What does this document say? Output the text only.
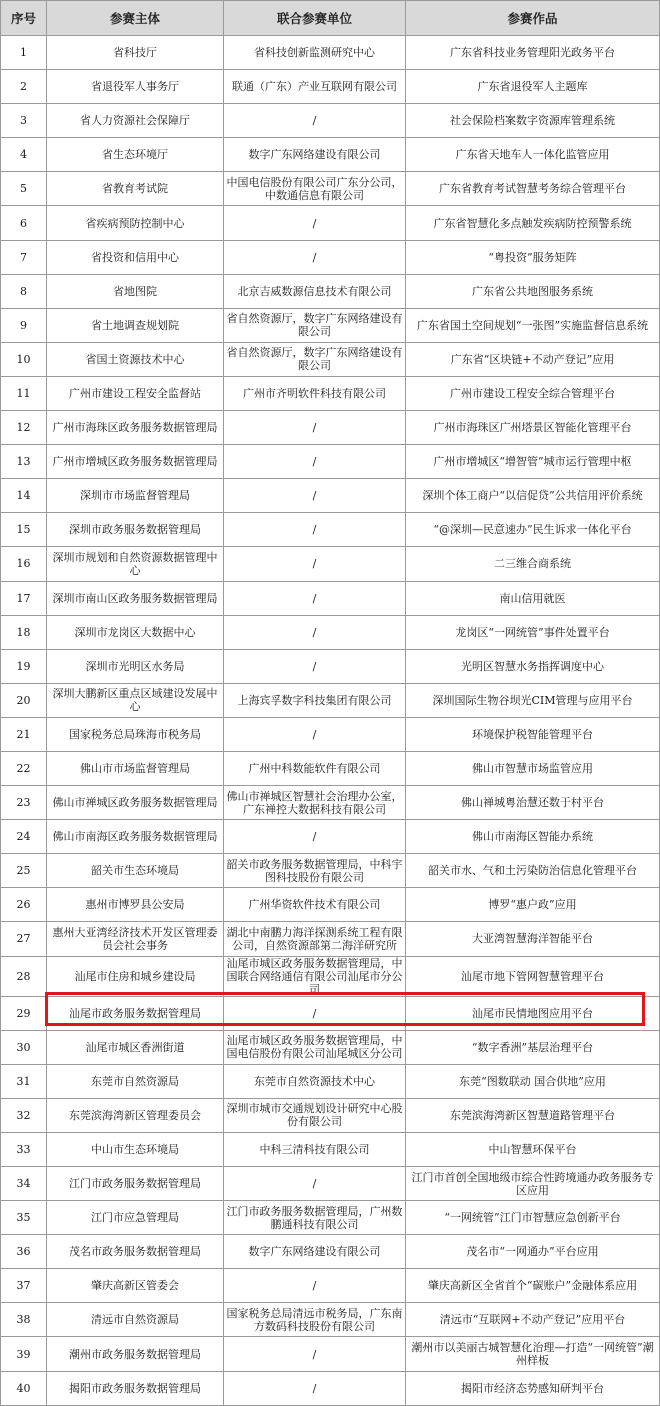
序号	参赛主体	联合参赛单位	参赛作品
1	省科技厅	省科技创新监测研究中心	广东省科技业务管理阳光政务平台
2	省退役军人事务厅	联通（广东）产业互联网有限公司	广东省退役军人主题库
3	省人力资源社会保障厅	/	社会保险档案数字资源库管理系统
4	省生态环境厅	数字广东网络建设有限公司	广东省天地车人一体化监管应用
5	省教育考试院	中国电信股份有限公司广东分公司，中数通信息有限公司	广东省教育考试智慧考务综合管理平台
6	省疾病预防控制中心	/	广东省智慧化多点触发疾病防控预警系统
7	省投资和信用中心	/	“粤投资”服务矩阵
8	省地图院	北京吉威数源信息技术有限公司	广东省公共地图服务系统
9	省土地调查规划院	省自然资源厅，数字广东网络建设有限公司	广东省国土空间规划“一张图”实施监督信息系统
10	省国土资源技术中心	省自然资源厅，数字广东网络建设有限公司	广东省“区块链+不动产登记”应用
11	广州市建设工程安全监督站	广州市齐明软件科技有限公司	广州市建设工程安全综合管理平台
12	广州市海珠区政务服务数据管理局	/	广州市海珠区广州塔景区智能化管理平台
13	广州市增城区政务服务数据管理局	/	广州市增城区“增智管”城市运行管理中枢
14	深圳市市场监督管理局	/	深圳个体工商户“以信促贷”公共信用评价系统
15	深圳市政务服务数据管理局	/	“@深圳—民意速办”民生诉求一体化平台
16	深圳市规划和自然资源数据管理中心	/	二三维合商系统
17	深圳市南山区政务服务数据管理局	/	南山信用就医
18	深圳市龙岗区大数据中心	/	龙岗区“一网统管”事件处置平台
19	深圳市光明区水务局	/	光明区智慧水务指挥调度中心
20	深圳大鹏新区重点区域建设发展中心	上海宾孚数字科技集团有限公司	深圳国际生物谷坝光CIM管理与应用平台
21	国家税务总局珠海市税务局	/	环境保护税智能管理平台
22	佛山市市场监督管理局	广州中科数能软件有限公司	佛山市智慧市场监管应用
23	佛山市禅城区政务服务数据管理局	佛山市禅城区智慧社会治理办公室，广东禅控大数据科技有限公司	佛山禅城粤治慧还数于村平台
24	佛山市南海区政务服务数据管理局	/	佛山市南海区智能办系统
25	韶关市生态环境局	韶关市政务服务数据管理局，中科宇图科技股份有限公司	韶关市水、气和土污染防治信息化管理平台
26	惠州市博罗县公安局	广州华资软件技术有限公司	博罗“惠户政”应用
27	惠州大亚湾经济技术开发区管理委员会社会事务	湖北中南鹏力海洋探测系统工程有限公司，自然资源部第二海洋研究所	大亚湾智慧海洋智能平台
28	汕尾市住房和城乡建设局	汕尾市城区政务服务数据管理局，中国联合网络通信有限公司汕尾市分公司	汕尾市地下管网智慧管理平台
29	汕尾市政务服务数据管理局	/	汕尾市民情地图应用平台
30	汕尾市城区香洲街道	汕尾市城区政务服务数据管理局，中国电信股份有限公司汕尾城区分公司	“数字香洲”基层治理平台
31	东莞市自然资源局	东莞市自然资源技术中心	东莞“图数联动 国合供地”应用
32	东莞滨海湾新区管理委员会	深圳市城市交通规划设计研究中心股份有限公司	东莞滨海湾新区智慧道路管理平台
33	中山市生态环境局	中科三清科技有限公司	中山智慧环保平台
34	江门市政务服务数据管理局	/	江门市首创全国地级市综合性跨境通办政务服务专区应用
35	江门市应急管理局	江门市政务服务数据管理局，广州数鹏通科技有限公司	“一网统管”江门市智慧应急创新平台
36	茂名市政务服务数据管理局	数字广东网络建设有限公司	茂名市“一网通办”平台应用
37	肇庆高新区管委会	/	肇庆高新区全省首个“碳账户”金融体系应用
38	清远市自然资源局	国家税务总局清远市税务局，广东南方数码科技股份有限公司	清远市“互联网+不动产登记”应用平台
39	潮州市政务服务数据管理局	/	潮州市以美丽古城智慧化治理—打造“一网统管”潮州样板
40	揭阳市政务服务数据管理局	/	揭阳市经济态势感知研判平台
